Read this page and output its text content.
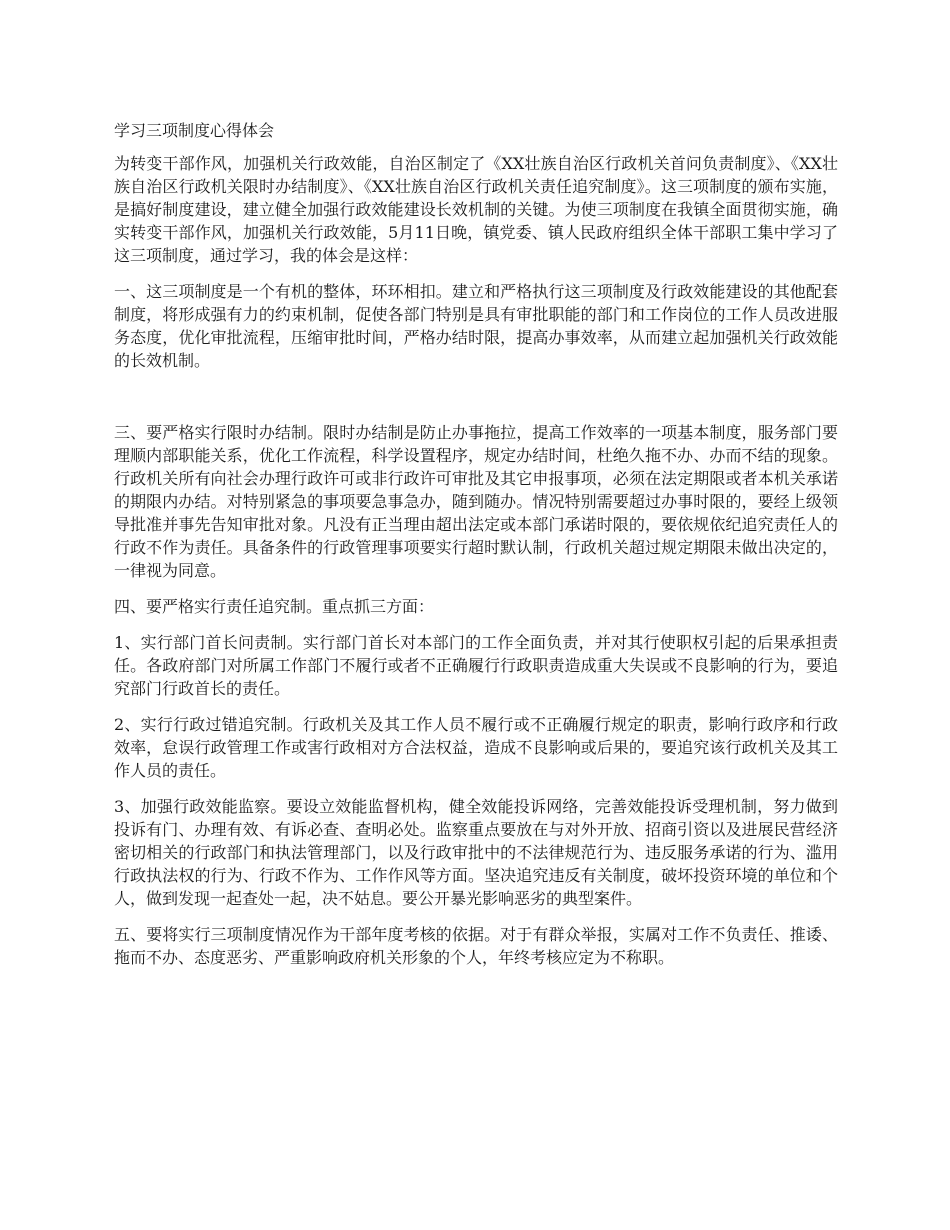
学习三项制度心得体会

为转变干部作风，加强机关行政效能，自治区制定了《XX壮族自治区行政机关首问负责制度》、《XX壮族自治区行政机关限时办结制度》、《XX壮族自治区行政机关责任追究制度》。这三项制度的颁布实施，是搞好制度建设，建立健全加强行政效能建设长效机制的关键。为使三项制度在我镇全面贯彻实施，确实转变干部作风，加强机关行政效能，5月11日晚，镇党委、镇人民政府组织全体干部职工集中学习了这三项制度，通过学习，我的体会是这样：

一、这三项制度是一个有机的整体，环环相扣。建立和严格执行这三项制度及行政效能建设的其他配套制度，将形成强有力的约束机制，促使各部门特别是具有审批职能的部门和工作岗位的工作人员改进服务态度，优化审批流程，压缩审批时间，严格办结时限，提高办事效率，从而建立起加强机关行政效能的长效机制。

三、要严格实行限时办结制。限时办结制是防止办事拖拉，提高工作效率的一项基本制度，服务部门要理顺内部职能关系，优化工作流程，科学设置程序，规定办结时间，杜绝久拖不办、办而不结的现象。行政机关所有向社会办理行政许可或非行政许可审批及其它申报事项，必须在法定期限或者本机关承诺的期限内办结。对特别紧急的事项要急事急办，随到随办。情况特别需要超过办事时限的，要经上级领导批准并事先告知审批对象。凡没有正当理由超出法定或本部门承诺时限的，要依规依纪追究责任人的行政不作为责任。具备条件的行政管理事项要实行超时默认制，行政机关超过规定期限未做出决定的，一律视为同意。

四、要严格实行责任追究制。重点抓三方面：

1、实行部门首长问责制。实行部门首长对本部门的工作全面负责，并对其行使职权引起的后果承担责任。各政府部门对所属工作部门不履行或者不正确履行行政职责造成重大失误或不良影响的行为，要追究部门行政首长的责任。

2、实行行政过错追究制。行政机关及其工作人员不履行或不正确履行规定的职责，影响行政序和行政效率，怠误行政管理工作或害行政相对方合法权益，造成不良影响或后果的，要追究该行政机关及其工作人员的责任。

3、加强行政效能监察。要设立效能监督机构，健全效能投诉网络，完善效能投诉受理机制，努力做到投诉有门、办理有效、有诉必查、查明必处。监察重点要放在与对外开放、招商引资以及进展民营经济密切相关的行政部门和执法管理部门，以及行政审批中的不法律规范行为、违反服务承诺的行为、滥用行政执法权的行为、行政不作为、工作作风等方面。坚决追究违反有关制度，破坏投资环境的单位和个人，做到发现一起查处一起，决不姑息。要公开暴光影响恶劣的典型案件。

五、要将实行三项制度情况作为干部年度考核的依据。对于有群众举报，实属对工作不负责任、推诿、拖而不办、态度恶劣、严重影响政府机关形象的个人，年终考核应定为不称职。
